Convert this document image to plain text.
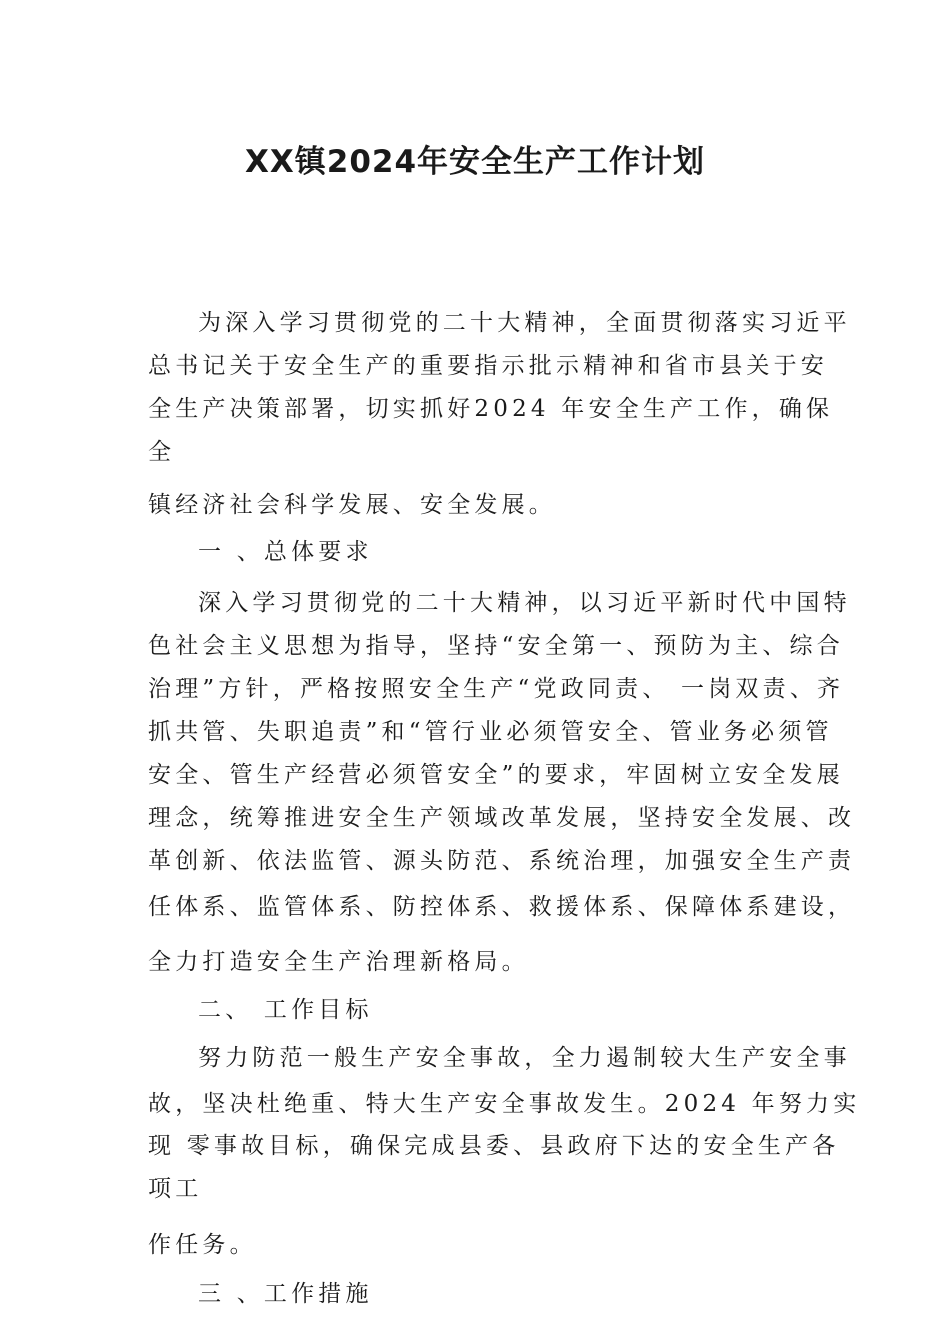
XX镇2024年安全生产工作计划
为深入学习贯彻党的二十大精神，全面贯彻落实习近平
总书记关于安全生产的重要指示批示精神和省市县关于安
全生产决策部署，切实抓好2024 年安全生产工作，确保
全
镇经济社会科学发展、安全发展。
一 、总体要求
深入学习贯彻党的二十大精神，以习近平新时代中国特
色社会主义思想为指导，坚持“安全第一、预防为主、综合
治理”方针，严格按照安全生产“党政同责、 一岗双责、齐
抓共管、失职追责”和“管行业必须管安全、管业务必须管
安全、管生产经营必须管安全”的要求，牢固树立安全发展
理念，统筹推进安全生产领域改革发展，坚持安全发展、改
革创新、依法监管、源头防范、系统治理，加强安全生产责
任体系、监管体系、防控体系、救援体系、保障体系建设，
全力打造安全生产治理新格局。
二、 工作目标
努力防范一般生产安全事故，全力遏制较大生产安全事
故，坚决杜绝重、特大生产安全事故发生。2024 年努力实
现 零事故目标，确保完成县委、县政府下达的安全生产各
项工
作任务。
三 、工作措施
